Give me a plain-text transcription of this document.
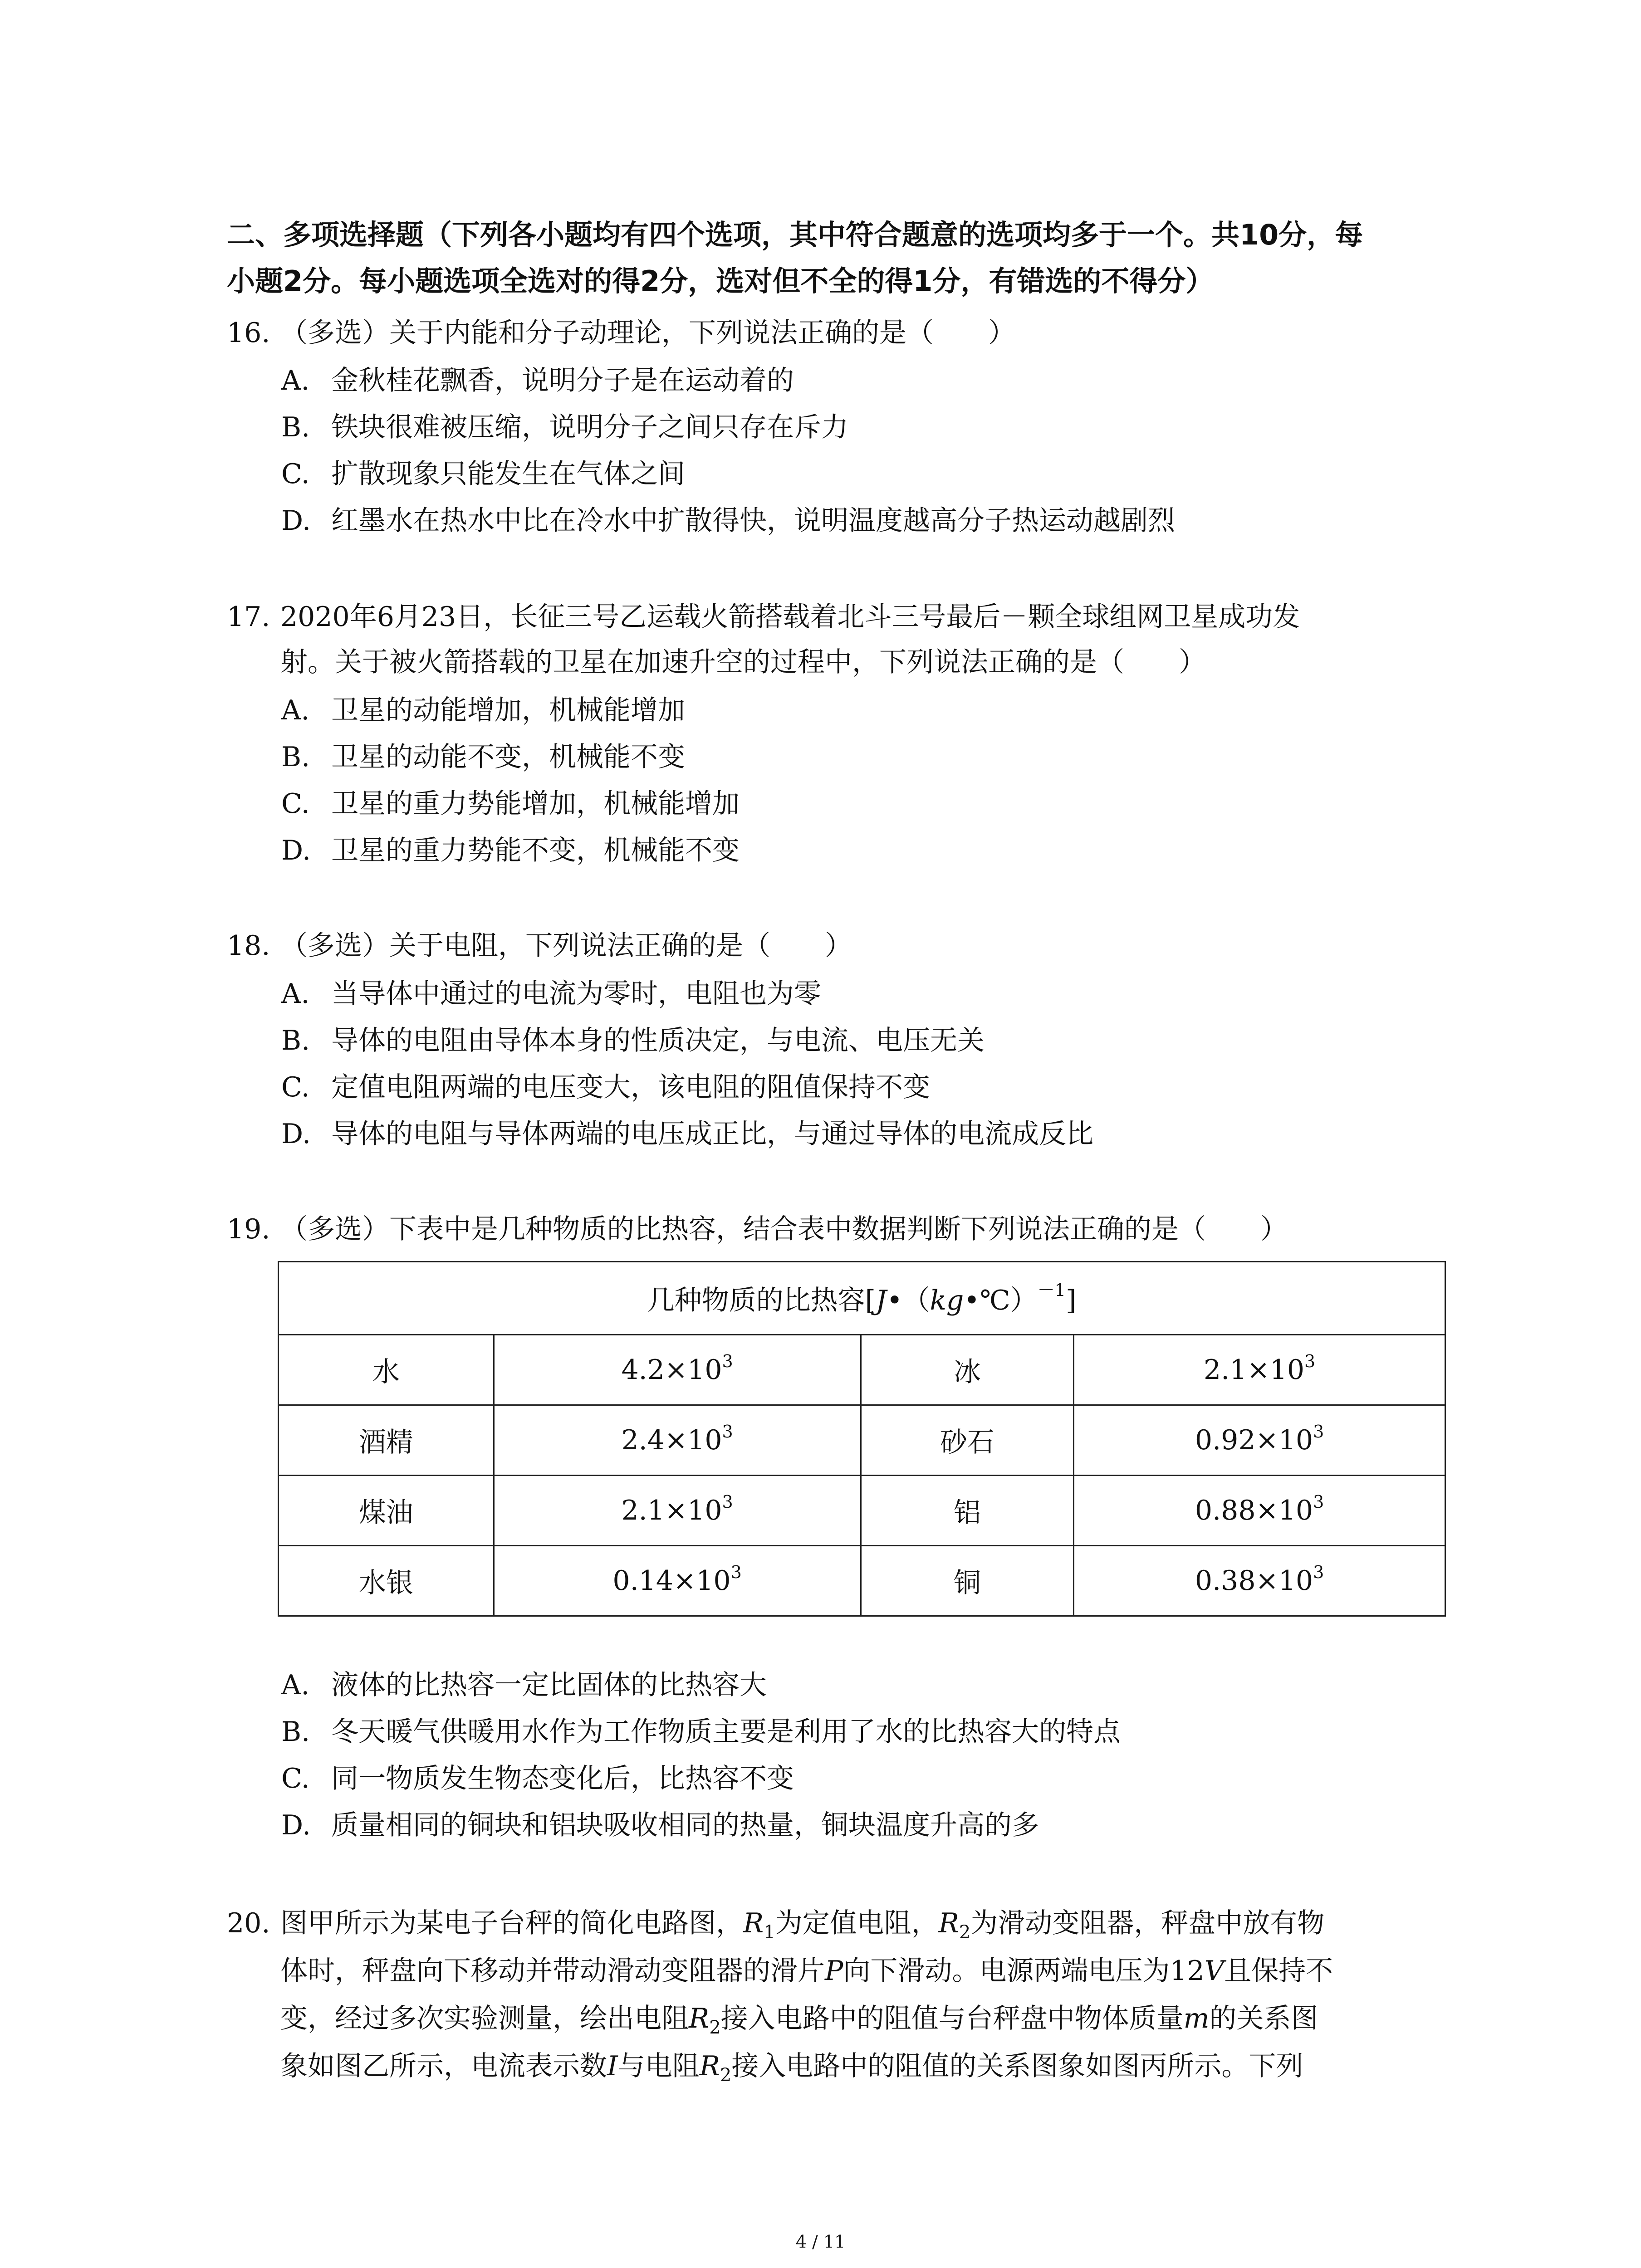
二、多项选择题（下列各小题均有四个选项，其中符合题意的选项均多于一个。共10分，每
小题2分。每小题选项全选对的得2分，选对但不全的得1分，有错选的不得分）
16. （多选）关于内能和分子动理论，下列说法正确的是（　　）
A. 金秋桂花飘香，说明分子是在运动着的
B. 铁块很难被压缩，说明分子之间只存在斥力
C. 扩散现象只能发生在气体之间
D. 红墨水在热水中比在冷水中扩散得快，说明温度越高分子热运动越剧烈
17. 2020年6月23日，长征三号乙运载火箭搭载着北斗三号最后－颗全球组网卫星成功发
射。关于被火箭搭载的卫星在加速升空的过程中，下列说法正确的是（　　）
A. 卫星的动能增加，机械能增加
B. 卫星的动能不变，机械能不变
C. 卫星的重力势能增加，机械能增加
D. 卫星的重力势能不变，机械能不变
18. （多选）关于电阻，下列说法正确的是（　　）
A. 当导体中通过的电流为零时，电阻也为零
B. 导体的电阻由导体本身的性质决定，与电流、电压无关
C. 定值电阻两端的电压变大，该电阻的阻值保持不变
D. 导体的电阻与导体两端的电压成正比，与通过导体的电流成反比
19. （多选）下表中是几种物质的比热容，结合表中数据判断下列说法正确的是（　　）
几种物质的比热容[J•（kg•℃）$^{-1}$]			
水	$4.2\times 10^3$	冰	$2.1\times 10^3$
酒精	$2.4\times 10^3$	砂石	$0.92\times 10^3$
煤油	$2.1\times 10^3$	铝	$0.88\times 10^3$
水银	$0.14\times 10^3$	铜	$0.38\times 10^3$
A. 液体的比热容一定比固体的比热容大
B. 冬天暖气供暖用水作为工作物质主要是利用了水的比热容大的特点
C. 同一物质发生物态变化后，比热容不变
D. 质量相同的铜块和铝块吸收相同的热量，铜块温度升高的多
20. 图甲所示为某电子台秤的简化电路图，$R_1$为定值电阻，$R_2$为滑动变阻器，秤盘中放有物
体时，秤盘向下移动并带动滑动变阻器的滑片P向下滑动。电源两端电压为12V且保持不
变，经过多次实验测量，绘出电阻$R_2$接入电路中的阻值与台秤盘中物体质量m的关系图
象如图乙所示，电流表示数I与电阻$R_2$接入电路中的阻值的关系图象如图丙所示。下列
4 / 11
